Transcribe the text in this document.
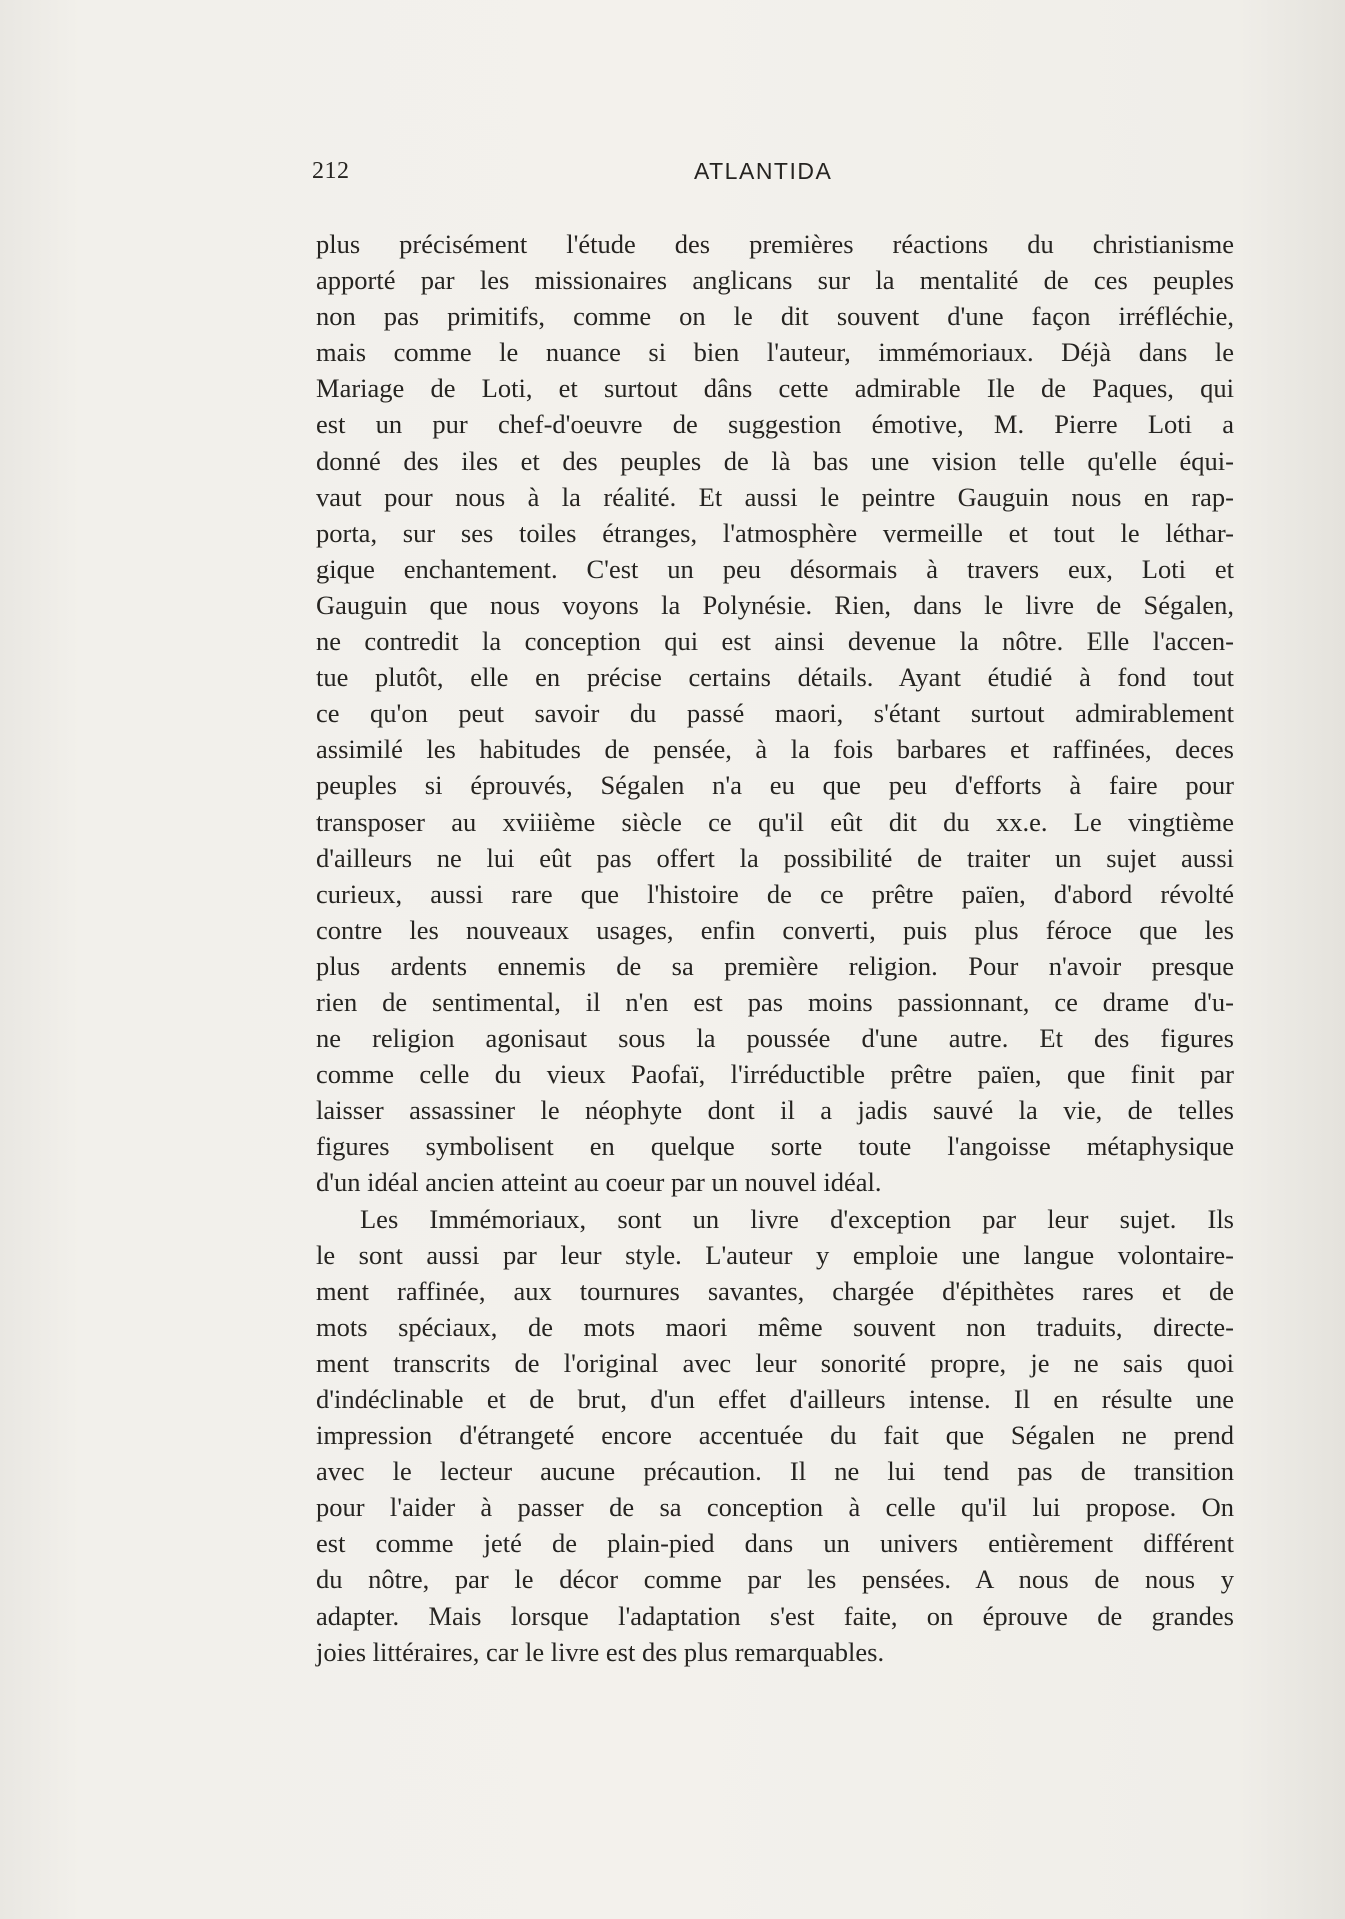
212	ATLANTIDA
plus précisément l'étude des premières réactions du christianisme
apporté par les missionaires anglicans sur la mentalité de ces peuples
non pas primitifs, comme on le dit souvent d'une façon irréfléchie,
mais comme le nuance si bien l'auteur, immémoriaux. Déjà dans le
Mariage de Loti, et surtout dâns cette admirable Ile de Paques, qui
est un pur chef-d'oeuvre de suggestion émotive, M. Pierre Loti a
donné des iles et des peuples de là bas une vision telle qu'elle équi-
vaut pour nous à la réalité. Et aussi le peintre Gauguin nous en rap-
porta, sur ses toiles étranges, l'atmosphère vermeille et tout le léthar-
gique enchantement. C'est un peu désormais à travers eux, Loti et
Gauguin que nous voyons la Polynésie. Rien, dans le livre de Ségalen,
ne contredit la conception qui est ainsi devenue la nôtre. Elle l'accen-
tue plutôt, elle en précise certains détails. Ayant étudié à fond tout
ce qu'on peut savoir du passé maori, s'étant surtout admirablement
assimilé les habitudes de pensée, à la fois barbares et raffinées, deces
peuples si éprouvés, Ségalen n'a eu que peu d'efforts à faire pour
transposer au xviiième siècle ce qu'il eût dit du xx.e. Le vingtième
d'ailleurs ne lui eût pas offert la possibilité de traiter un sujet aussi
curieux, aussi rare que l'histoire de ce prêtre païen, d'abord révolté
contre les nouveaux usages, enfin converti, puis plus féroce que les
plus ardents ennemis de sa première religion. Pour n'avoir presque
rien de sentimental, il n'en est pas moins passionnant, ce drame d'u-
ne religion agonisaut sous la poussée d'une autre. Et des figures
comme celle du vieux Paofaï, l'irréductible prêtre païen, que finit par
laisser assassiner le néophyte dont il a jadis sauvé la vie, de telles
figures symbolisent en quelque sorte toute l'angoisse métaphysique
d'un idéal ancien atteint au coeur par un nouvel idéal.
Les Immémoriaux, sont un livre d'exception par leur sujet. Ils
le sont aussi par leur style. L'auteur y emploie une langue volontaire-
ment raffinée, aux tournures savantes, chargée d'épithètes rares et de
mots spéciaux, de mots maori même souvent non traduits, directe-
ment transcrits de l'original avec leur sonorité propre, je ne sais quoi
d'indéclinable et de brut, d'un effet d'ailleurs intense. Il en résulte une
impression d'étrangeté encore accentuée du fait que Ségalen ne prend
avec le lecteur aucune précaution. Il ne lui tend pas de transition
pour l'aider à passer de sa conception à celle qu'il lui propose. On
est comme jeté de plain-pied dans un univers entièrement différent
du nôtre, par le décor comme par les pensées. A nous de nous y
adapter. Mais lorsque l'adaptation s'est faite, on éprouve de grandes
joies littéraires, car le livre est des plus remarquables.
